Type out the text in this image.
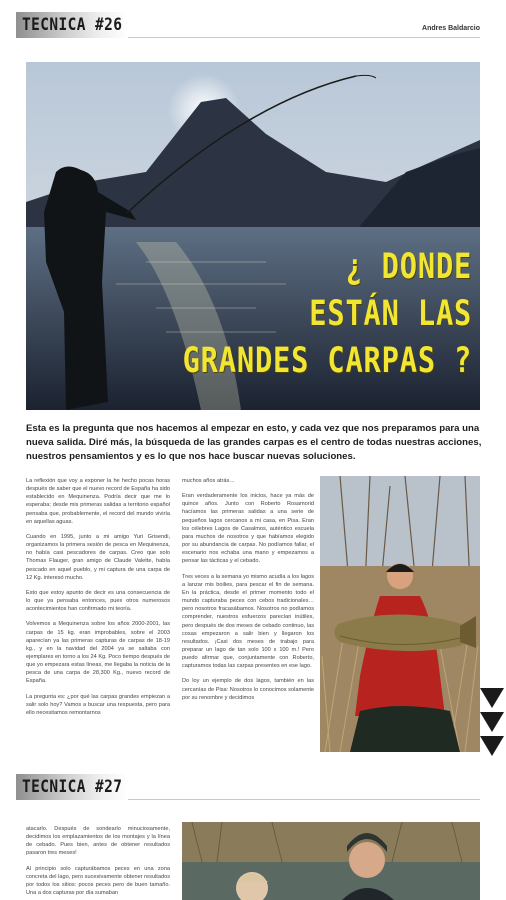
TECNICA #26	Andres Baldarcio
¿ DONDE
ESTÁN LAS
GRANDES CARPAS ?
Esta es la pregunta que nos hacemos al empezar en esto, y cada vez que nos preparamos para una nueva salida. Diré más, la búsqueda de las grandes carpas es el centro de todas nuestras acciones, nuestros pensamientos y es lo que nos hace buscar nuevas soluciones.

La reflexión que voy a exponer la he hecho pocas horas después de saber que el nuevo record de España ha sido establecido en Mequinenza. Podría decir que me lo esperaba; desde mis primeras salidas a territorio español pensaba que, probablemente, el record del mundo viviría en aquellas aguas.

Cuando en 1995, junto a mi amigo Yuri Grisendi, organizamos la primera sesión de pesca en Mequinenza, no había casi pescadores de carpas. Creo que solo Thomas Flauger, gran amigo de Claude Valette, había pescado en aquel pueblo, y mi captura de una carpa de 12 Kg. interesó mucho.

Esto que estoy apunto de decir es una consecuencia de lo que ya pensaba entonces, pues otros numerosos acontecimientos han confirmado mi teoría.

Volvemos a Mequinenza sobre los años 2000-2001, las carpas de 15 kg. eran improbables, sobre el 2003 aparecían ya las primeras capturas de carpas de 18-19 kg., y en la navidad del 2004 ya se saltaba con ejemplares en torno a los 24 Kg. Poco tiempo después de que yo empezara estas líneas, me llegaba la noticia de la pesca de una carpa de 28,300 Kg., nuevo record de España.

La pregunta es: ¿por qué las carpas grandes empiezan a salir solo hoy? Vamos a buscar una respuesta, pero para ello necesitamos remontarnos

muchos años atrás…

Eran verdaderamente los inicios, hace ya más de quince años. Junto con Roberto Rosamorid hacíamos las primeras salidas a una serie de pequeños lagos cercanos a mi casa, en Pisa. Eran los célebres Lagos de Casalmos, auténtico escuela para muchos de nosotros y que habíamos elegido por su abundancia de carpas. No podíamos fallar, el escenario nos echaba una mano y empezamos a pensar las tácticas y el cebado.

Tres veces a la semana yo mismo acudía a los lagos a lanzar mis boilies, para pescar el fin de semana. En la práctica, desde el primer momento todo el mundo capturaba peces con cebos tradicionales… pero nosotros fracasábamos. Nosotros no podíamos comprender, nuestros esfuerzos parecían inútiles, pero después de dos meses de cebado continuo, las cosas empezaron a salir bien y llegaron los resultados. ¡Casi dos meses de trabajo para preparar un lago de tan solo 100 x 100 m.! Pero puedo afirmar que, conjuntamente con Roberto, capturamos todas las carpas presentes en ese lago.

Do loy un ejemplo de dos lagos, también en las cercanías de Pisa: Nosotros lo conocimos solamente por su renombre y decidimos

TECNICA #27

atacarlo. Después de sondearlo minuciosamente, decidimos los emplazamientos de los montajes y la línea de cebado. Pues bien, antes de obtener resultados pasaron tres meses!

Al principio solo capturábamos peces en una zona concreta del lago, pero sucesivamente obtener resultados por todos los sitios: pocos peces pero de buen tamaño. Una a dos capturas por día sumaban
